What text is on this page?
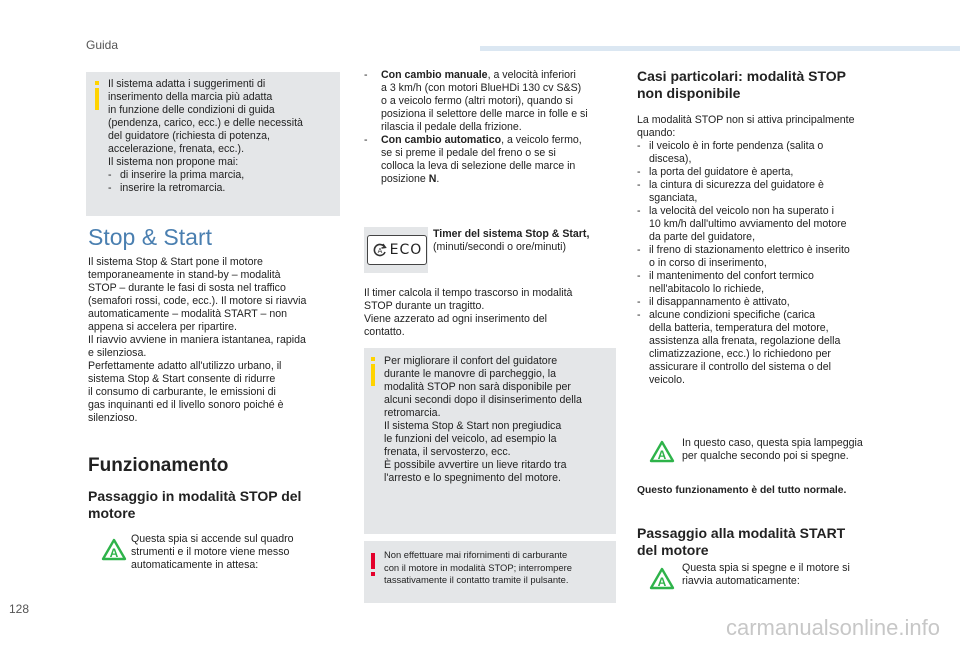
Guida

Il sistema adatta i suggerimenti di

inserimento della marcia più adatta

in funzione delle condizioni di guida

(pendenza, carico, ecc.) e delle necessità

del guidatore (richiesta di potenza,

accelerazione, frenata, ecc.).

Il sistema non propone mai:

- di inserire la prima marcia,
- inserire la retromarcia.
Stop & Start

Il sistema Stop & Start pone il motore

temporaneamente in stand-by – modalità

STOP – durante le fasi di sosta nel traffico

(semafori rossi, code, ecc.). Il motore si riavvia

automaticamente – modalità START – non

appena si accelera per ripartire.

Il riavvio avviene in maniera istantanea, rapida

e silenziosa.

Perfettamente adatto all'utilizzo urbano, il

sistema Stop & Start consente di ridurre

il consumo di carburante, le emissioni di

gas inquinanti ed il livello sonoro poiché è

silenzioso.

Funzionamento
Passaggio in modalità STOP del
motore
A

Questa spia si accende sul quadro

strumenti e il motore viene messo

automaticamente in attesa:

- Con cambio manuale, a velocità inferiori

a 3 km/h (con motori BlueHDi 130 cv S&S)

o a veicolo fermo (altri motori), quando si

posiziona il selettore delle marce in folle e si

rilascia il pedale della frizione.

- Con cambio automatico, a veicolo fermo,

se si preme il pedale del freno o se si

colloca la leva di selezione delle marce in

posizione N.

A ECO

Timer del sistema Stop & Start,

(minuti/secondi o ore/minuti)

Il timer calcola il tempo trascorso in modalità

STOP durante un tragitto.

Viene azzerato ad ogni inserimento del

contatto.

Per migliorare il confort del guidatore

durante le manovre di parcheggio, la

modalità STOP non sarà disponibile per

alcuni secondi dopo il disinserimento della

retromarcia.

Il sistema Stop & Start non pregiudica

le funzioni del veicolo, ad esempio la

frenata, il servosterzo, ecc.

È possibile avvertire un lieve ritardo tra

l'arresto e lo spegnimento del motore.

Non effettuare mai rifornimenti di carburante

con il motore in modalità STOP; interrompere

tassativamente il contatto tramite il pulsante.

Casi particolari: modalità STOP
non disponibile

La modalità STOP non si attiva principalmente

quando:

- il veicolo è in forte pendenza (salita o
discesa),
- la porta del guidatore è aperta,
- la cintura di sicurezza del guidatore è
sganciata,
- la velocità del veicolo non ha superato i
10 km/h dall'ultimo avviamento del motore
da parte del guidatore,
- il freno di stazionamento elettrico è inserito
o in corso di inserimento,
- il mantenimento del confort termico
nell'abitacolo lo richiede,
- il disappannamento è attivato,
- alcune condizioni specifiche (carica
della batteria, temperatura del motore,
assistenza alla frenata, regolazione della
climatizzazione, ecc.) lo richiedono per
assicurare il controllo del sistema o del
veicolo.
A

In questo caso, questa spia lampeggia

per qualche secondo poi si spegne.

Questo funzionamento è del tutto normale.
Passaggio alla modalità START
del motore
A

Questa spia si spegne e il motore si

riavvia automaticamente:

128
carmanualsonline.info
